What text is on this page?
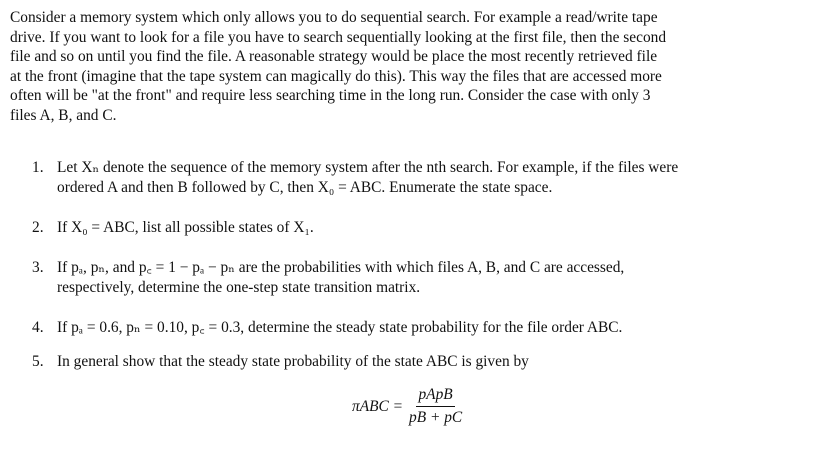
Consider a memory system which only allows you to do sequential search. For example a read/write tape
drive. If you want to look for a file you have to search sequentially looking at the first file, then the second
file and so on until you find the file. A reasonable strategy would be place the most recently retrieved file
at the front (imagine that the tape system can magically do this). This way the files that are accessed more
often will be "at the front" and require less searching time in the long run. Consider the case with only 3
files A, B, and C.
1. Let Xₙ denote the sequence of the memory system after the nth search. For example, if the files were
ordered A and then B followed by C, then X₀ = ABC. Enumerate the state space.
2. If X₀ = ABC, list all possible states of X₁.
3. If pₐ, pₙ, and p꜀ = 1 − pₐ − pₙ are the probabilities with which files A, B, and C are accessed,
respectively, determine the one-step state transition matrix.
4. If pₐ = 0.6, pₙ = 0.10, p꜀ = 0.3, determine the steady state probability for the file order ABC.
5. In general show that the steady state probability of the state ABC is given by
$\pi ABC = \frac{\text{pApB}}{pB + pC}$
